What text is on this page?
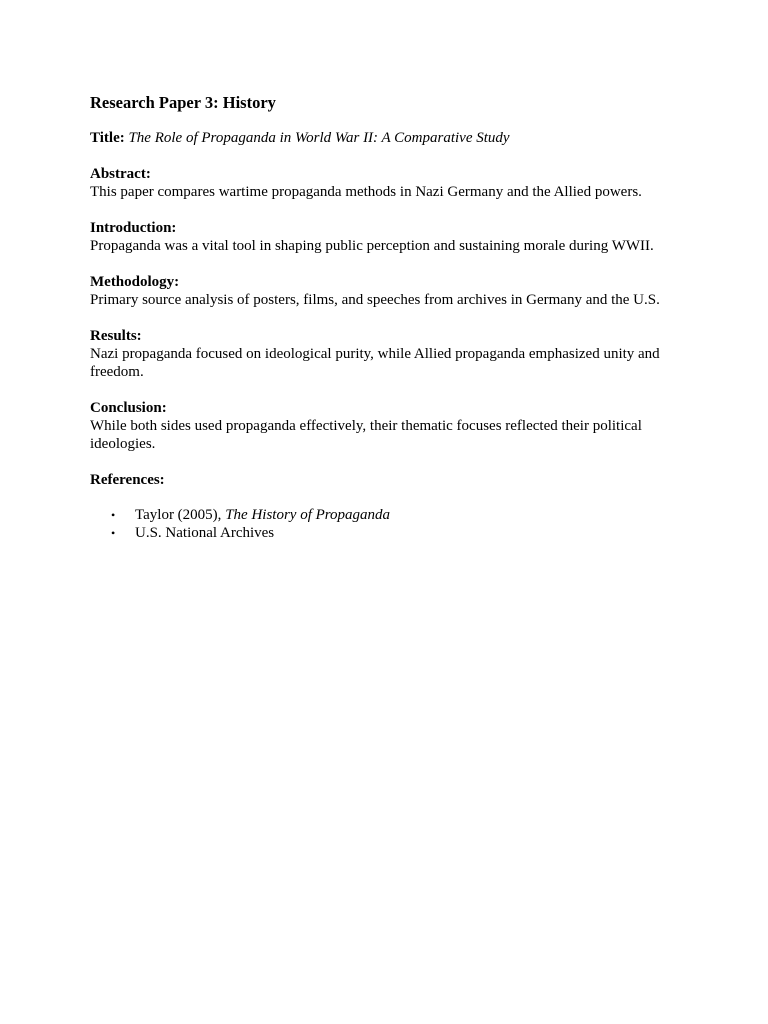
Research Paper 3: History
Title: The Role of Propaganda in World War II: A Comparative Study
Abstract:
This paper compares wartime propaganda methods in Nazi Germany and the Allied powers.
Introduction:
Propaganda was a vital tool in shaping public perception and sustaining morale during WWII.
Methodology:
Primary source analysis of posters, films, and speeches from archives in Germany and the U.S.
Results:
Nazi propaganda focused on ideological purity, while Allied propaganda emphasized unity and freedom.
Conclusion:
While both sides used propaganda effectively, their thematic focuses reflected their political ideologies.
References:
• Taylor (2005), The History of Propaganda
• U.S. National Archives
